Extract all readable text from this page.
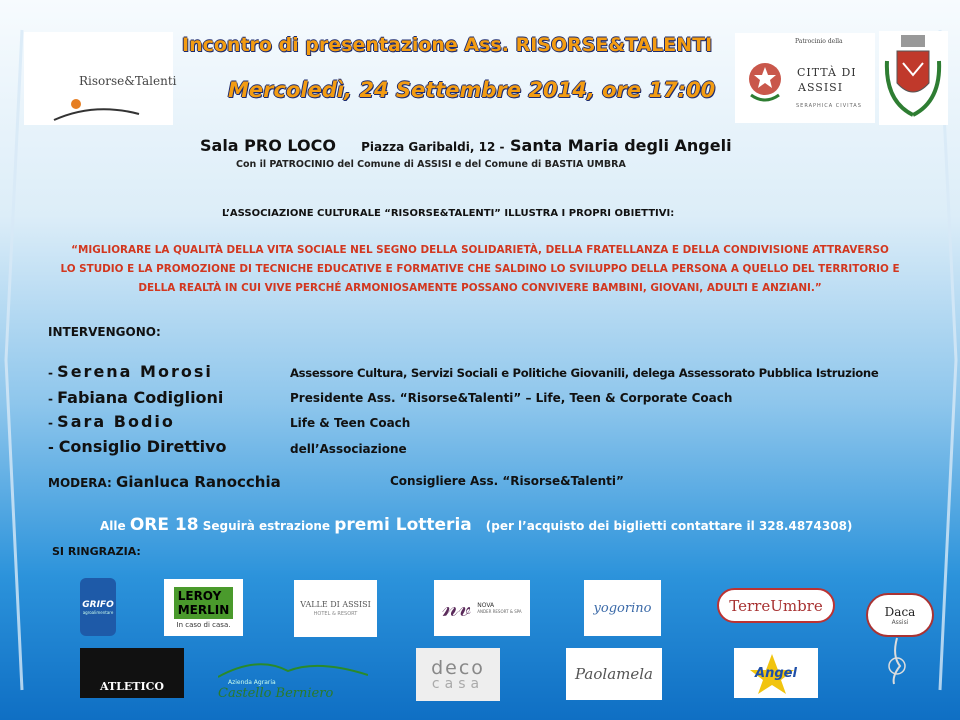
Risorse&Talenti
Incontro di presentazione Ass. RISORSE&TALENTI
Mercoledì, 24 Settembre 2014, ore 17:00
Patrocinio della
CITTÀ DI
ASSISI
SERAPHICA CIVITAS
Sala PRO LOCO Piazza Garibaldi, 12 - Santa Maria degli Angeli
Con il PATROCINIO del Comune di ASSISI e del Comune di BASTIA UMBRA
L’ASSOCIAZIONE CULTURALE “RISORSE&TALENTI” ILLUSTRA I PROPRI OBIETTIVI:
“MIGLIORARE LA QUALITÀ DELLA VITA SOCIALE NEL SEGNO DELLA SOLIDARIETÀ, DELLA FRATELLANZA E DELLA CONDIVISIONE ATTRAVERSO
LO STUDIO E LA PROMOZIONE DI TECNICHE EDUCATIVE E FORMATIVE CHE SALDINO LO SVILUPPO DELLA PERSONA A QUELLO DEL TERRITORIO E
DELLA REALTÀ IN CUI VIVE PERCHÉ ARMONIOSAMENTE POSSANO CONVIVERE BAMBINI, GIOVANI, ADULTI E ANZIANI.”
INTERVENGONO:
- Serena Morosi	Assessore Cultura, Servizi Sociali e Politiche Giovanili, delega Assessorato Pubblica Istruzione
- Fabiana Codiglioni	Presidente Ass. “Risorse&Talenti” – Life, Teen & Corporate Coach
- Sara Bodio	Life & Teen Coach
- Consiglio Direttivo	dell’Associazione
MODERA: Gianluca Ranocchia	Consigliere Ass. “Risorse&Talenti”
Alle ORE 18 Seguirà estrazione premi Lotteria (per l’acquisto dei biglietti contattare il 328.4874308)
SI RINGRAZIA:
GRIFO
agroalimentare
LEROY
MERLIN
In caso di casa.
VALLE DI ASSISI
HOTEL & RESORT	𝓃𝓋 NOVA
ANDER RESORT & SPA	yogorino	TerreUmbre	Daca
Assisi
ATLETICO	Azienda Agraria
Castello Berniero
deco
casa
Paolamela	Angel
